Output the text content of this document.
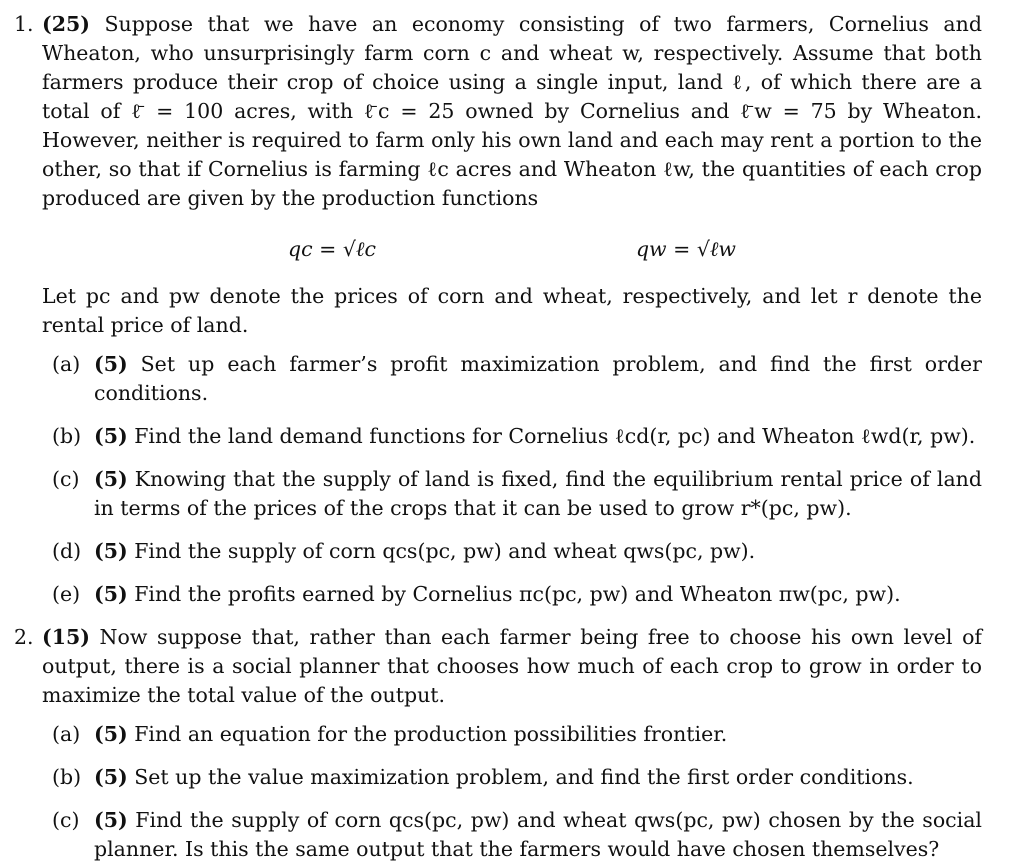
1. (25) Suppose that we have an economy consisting of two farmers, Cornelius and Wheaton, who unsurprisingly farm corn c and wheat w, respectively. Assume that both farmers produce their crop of choice using a single input, land ℓ, of which there are a total of ℓ̄ = 100 acres, with ℓ̄c = 25 owned by Cornelius and ℓ̄w = 75 by Wheaton. However, neither is required to farm only his own land and each may rent a portion to the other, so that if Cornelius is farming ℓc acres and Wheaton ℓw, the quantities of each crop produced are given by the production functions
qc = √ℓc	qw = √ℓw
Let pc and pw denote the prices of corn and wheat, respectively, and let r denote the rental price of land.
(a) (5) Set up each farmer’s profit maximization problem, and find the first order conditions.
(b) (5) Find the land demand functions for Cornelius ℓcd(r, pc) and Wheaton ℓwd(r, pw).
(c) (5) Knowing that the supply of land is fixed, find the equilibrium rental price of land in terms of the prices of the crops that it can be used to grow r*(pc, pw).
(d) (5) Find the supply of corn qcs(pc, pw) and wheat qws(pc, pw).
(e) (5) Find the profits earned by Cornelius πc(pc, pw) and Wheaton πw(pc, pw).
2. (15) Now suppose that, rather than each farmer being free to choose his own level of output, there is a social planner that chooses how much of each crop to grow in order to maximize the total value of the output.
(a) (5) Find an equation for the production possibilities frontier.
(b) (5) Set up the value maximization problem, and find the first order conditions.
(c) (5) Find the supply of corn qcs(pc, pw) and wheat qws(pc, pw) chosen by the social planner. Is this the same output that the farmers would have chosen themselves?
